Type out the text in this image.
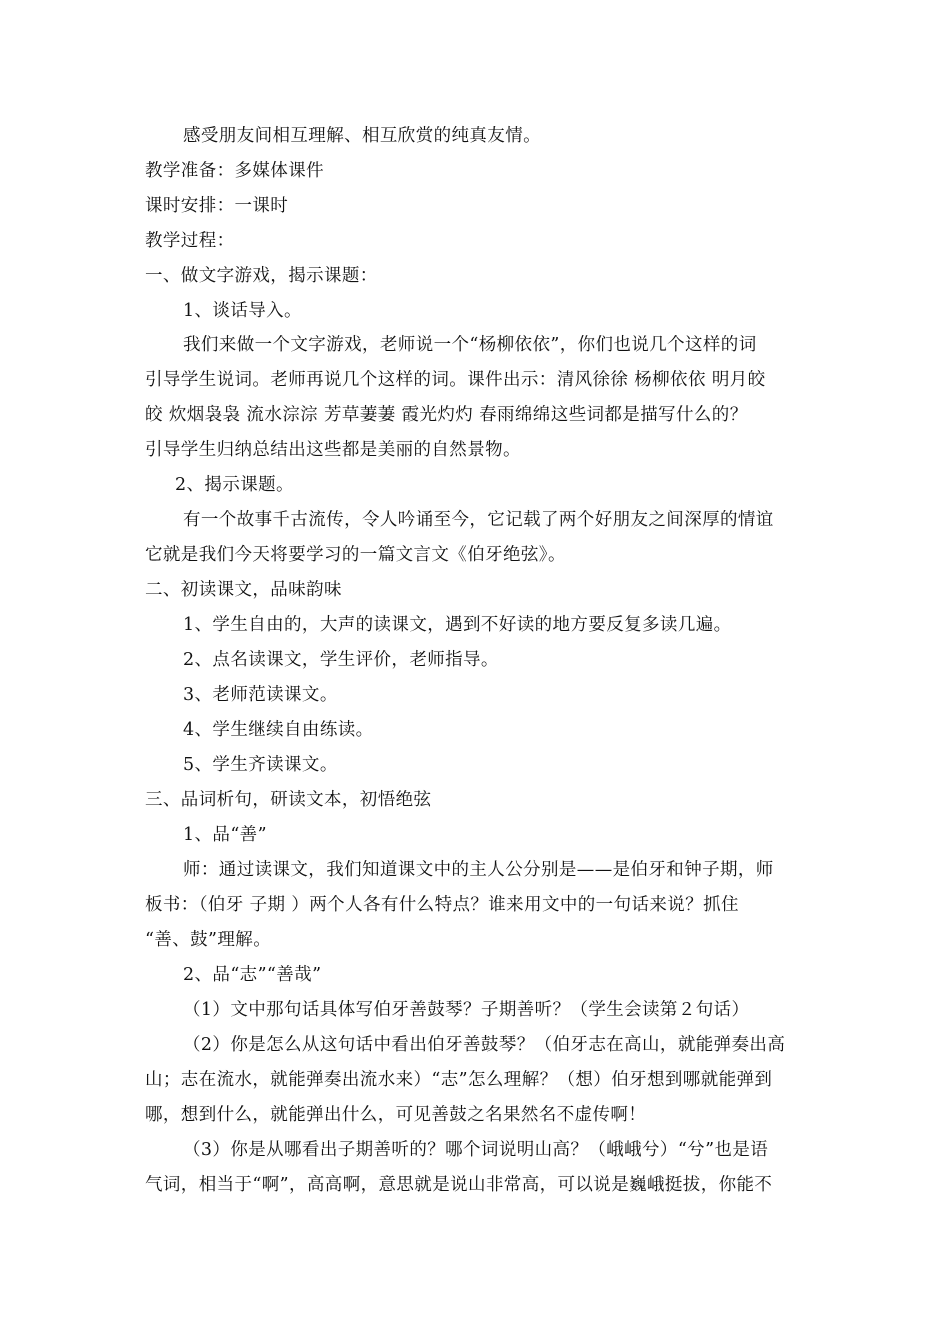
感受朋友间相互理解、相互欣赏的纯真友情。
教学准备：多媒体课件
课时安排：一课时
教学过程：
一、做文字游戏，揭示课题：
1、谈话导入。
我们来做一个文字游戏，老师说一个“杨柳依依”，你们也说几个这样的词
引导学生说词。老师再说几个这样的词。课件出示：清风徐徐 杨柳依依 明月皎
皎 炊烟袅袅 流水淙淙 芳草萋萋 霞光灼灼 春雨绵绵这些词都是描写什么的？
引导学生归纳总结出这些都是美丽的自然景物。
2、揭示课题。
有一个故事千古流传，令人吟诵至今，它记载了两个好朋友之间深厚的情谊
它就是我们今天将要学习的一篇文言文《伯牙绝弦》。
二、初读课文，品味韵味
1、学生自由的，大声的读课文，遇到不好读的地方要反复多读几遍。
2、点名读课文，学生评价，老师指导。
3、老师范读课文。
4、学生继续自由练读。
5、学生齐读课文。
三、品词析句，研读文本，初悟绝弦
1、品“善”
师：通过读课文，我们知道课文中的主人公分别是——是伯牙和钟子期，师
板书：（伯牙 子期 ）两个人各有什么特点？谁来用文中的一句话来说？抓住
“善、鼓”理解。
2、品“志”“善哉”
（1）文中那句话具体写伯牙善鼓琴？子期善听？（学生会读第２句话）
（2）你是怎么从这句话中看出伯牙善鼓琴？（伯牙志在高山，就能弹奏出高
山；志在流水，就能弹奏出流水来）“志”怎么理解？（想）伯牙想到哪就能弹到
哪，想到什么，就能弹出什么，可见善鼓之名果然名不虚传啊！
（3）你是从哪看出子期善听的？哪个词说明山高？（峨峨兮）“兮”也是语
气词，相当于“啊”，高高啊，意思就是说山非常高，可以说是巍峨挺拔，你能不
